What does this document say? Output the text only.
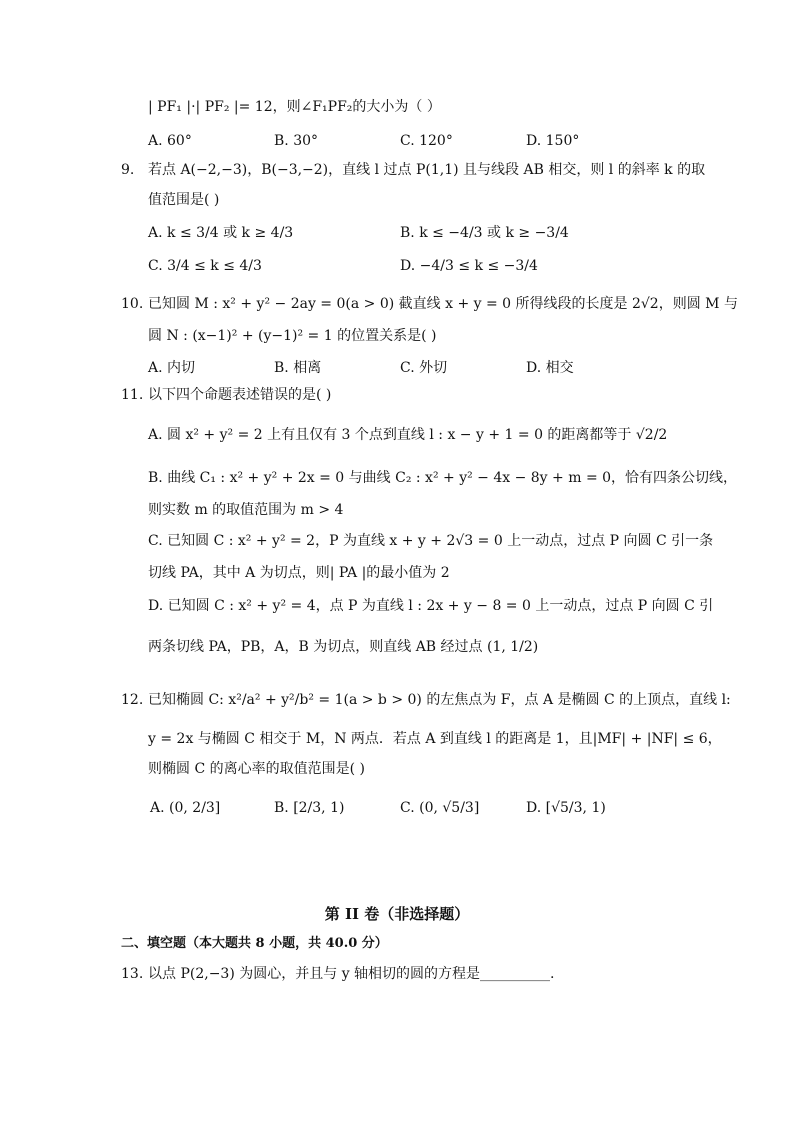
| PF₁ |·| PF₂ |= 12，则∠F₁PF₂的大小为（ ）
A. 60°	B. 30°	C. 120°	D. 150°
9. 若点 A(−2,−3)，B(−3,−2)，直线 l 过点 P(1,1) 且与线段 AB 相交，则 l 的斜率 k 的取
值范围是( )
A. k ≤ 3/4 或 k ≥ 4/3	B. k ≤ −4/3 或 k ≥ −3/4
C. 3/4 ≤ k ≤ 4/3	D. −4/3 ≤ k ≤ −3/4
10. 已知圆 M : x² + y² − 2ay = 0(a > 0) 截直线 x + y = 0 所得线段的长度是 2√2，则圆 M 与
圆 N : (x−1)² + (y−1)² = 1 的位置关系是( )
A. 内切	B. 相离	C. 外切	D. 相交
11. 以下四个命题表述错误的是( )
A. 圆 x² + y² = 2 上有且仅有 3 个点到直线 l : x − y + 1 = 0 的距离都等于 √2/2
B. 曲线 C₁ : x² + y² + 2x = 0 与曲线 C₂ : x² + y² − 4x − 8y + m = 0，恰有四条公切线，
则实数 m 的取值范围为 m > 4
C. 已知圆 C : x² + y² = 2，P 为直线 x + y + 2√3 = 0 上一动点，过点 P 向圆 C 引一条
切线 PA，其中 A 为切点，则| PA |的最小值为 2
D. 已知圆 C : x² + y² = 4，点 P 为直线 l : 2x + y − 8 = 0 上一动点，过点 P 向圆 C 引
两条切线 PA，PB，A，B 为切点，则直线 AB 经过点 (1, 1/2)
12. 已知椭圆 C: x²/a² + y²/b² = 1(a > b > 0) 的左焦点为 F，点 A 是椭圆 C 的上顶点，直线 l:
y = 2x 与椭圆 C 相交于 M，N 两点．若点 A 到直线 l 的距离是 1，且|MF| + |NF| ≤ 6，
则椭圆 C 的离心率的取值范围是( )
A. (0, 2/3]	B. [2/3, 1)	C. (0, √5/3]	D. [√5/3, 1)
第 II 卷（非选择题）
二、填空题（本大题共 8 小题，共 40.0 分）
13. 以点 P(2,−3) 为圆心，并且与 y 轴相切的圆的方程是__________.
